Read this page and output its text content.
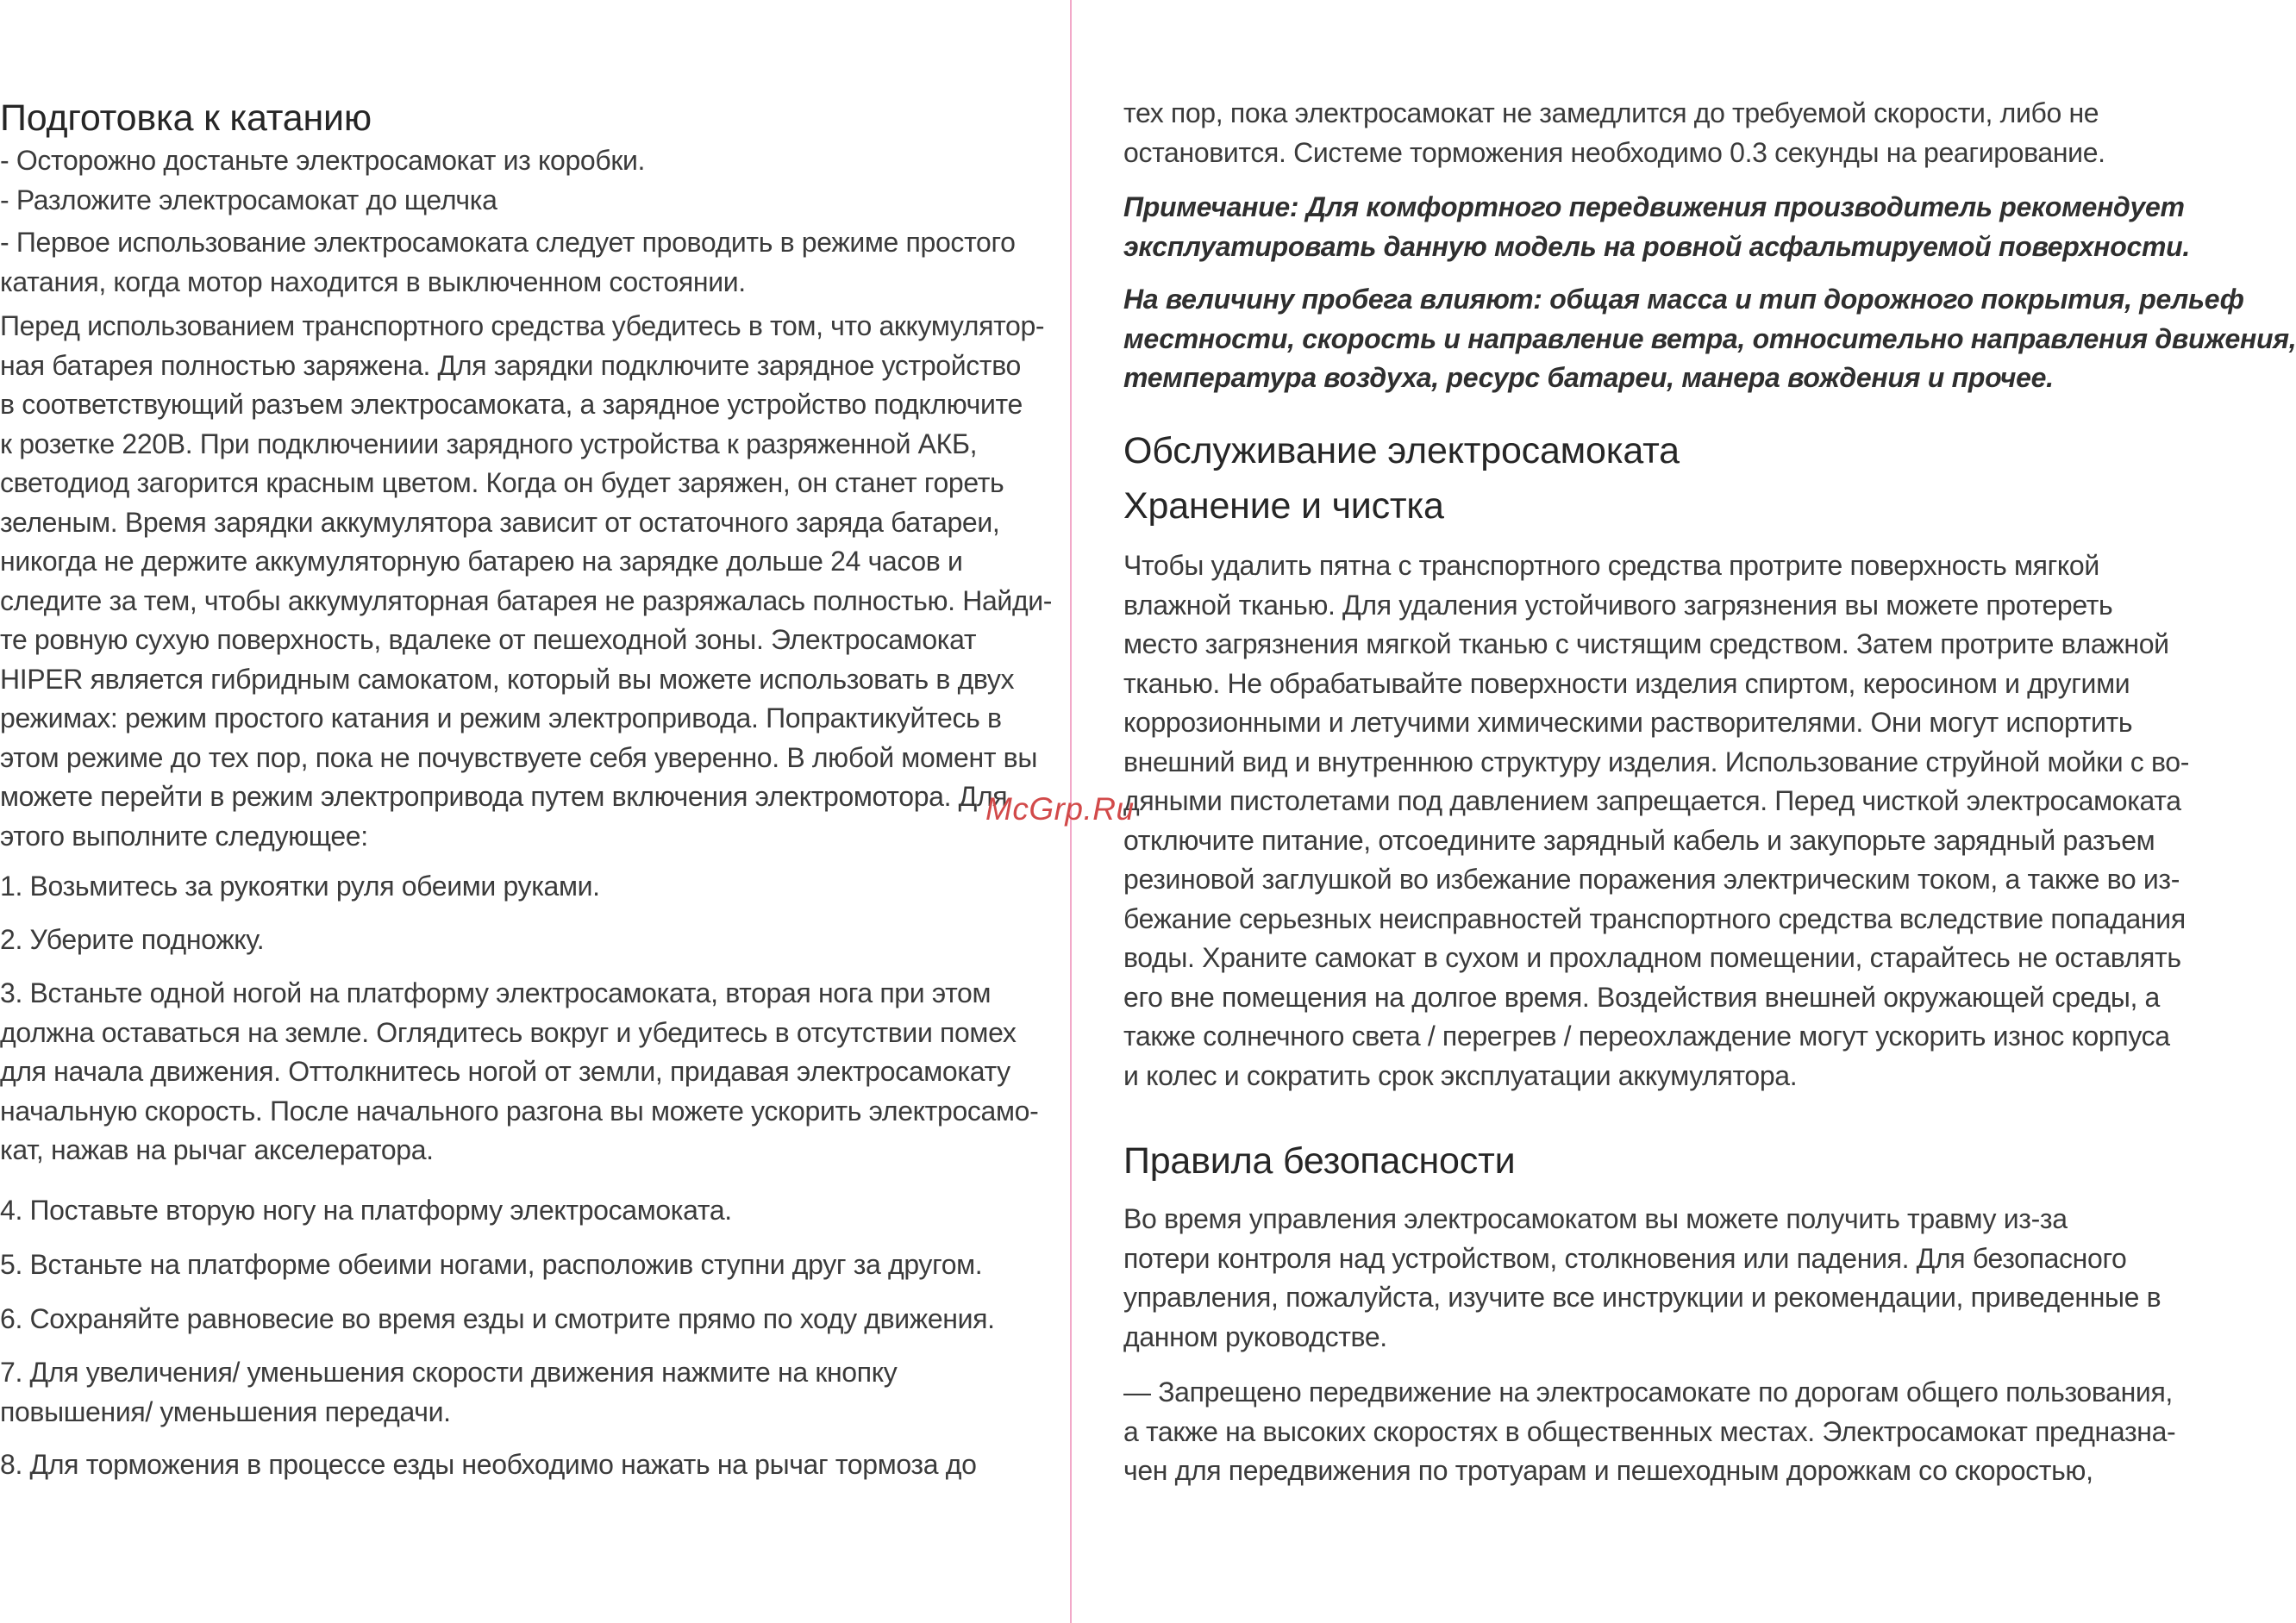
Подготовка к катанию

- Осторожно достаньте электросамокат из коробки.

- Разложите электросамокат до щелчка

- Первое использование электросамоката следует проводить в режиме простого
катания, когда мотор находится в выключенном состоянии.

Перед использованием транспортного средства убедитесь в том, что аккумулятор-
ная батарея полностью заряжена. Для зарядки подключите зарядное устройство
в соответствующий разъем электросамоката, а зарядное устройство подключите
к розетке 220В. При подключениии зарядного устройства к разряженной АКБ,
светодиод загорится красным цветом. Когда он будет заряжен, он станет гореть
зеленым. Время зарядки аккумулятора зависит от остаточного заряда батареи,
никогда не держите аккумуляторную батарею на зарядке дольше 24 часов и
следите за тем, чтобы аккумуляторная батарея не разряжалась полностью. Найди-
те ровную сухую поверхность, вдалеке от пешеходной зоны. Электросамокат
HIPER является гибридным самокатом, который вы можете использовать в двух
режимах: режим простого катания и режим электропривода. Попрактикуйтесь в
этом режиме до тех пор, пока не почувствуете себя уверенно. В любой момент вы
можете перейти в режим электропривода путем включения электромотора. Для
этого выполните следующее:

1. Возьмитесь за рукоятки руля обеими руками.

2. Уберите подножку.

3. Встаньте одной ногой на платформу электросамоката, вторая нога при этом
должна оставаться на земле. Оглядитесь вокруг и убедитесь в отсутствии помех
для начала движения. Оттолкнитесь ногой от земли, придавая электросамокату
начальную скорость. После начального разгона вы можете ускорить электросамо-
кат, нажав на рычаг акселератора.

4. Поставьте вторую ногу на платформу электросамоката.

5. Встаньте на платформе обеими ногами, расположив ступни друг за другом.

6. Сохраняйте равновесие во время езды и смотрите прямо по ходу движения.

7. Для увеличения/ уменьшения скорости движения нажмите на кнопку
повышения/ уменьшения передачи.

8. Для торможения в процессе езды необходимо нажать на рычаг тормоза до

тех пор, пока электросамокат не замедлится до требуемой скорости, либо не
остановится. Системе торможения необходимо 0.3 секунды на реагирование.

Примечание: Для комфортного передвижения производитель рекомендует
эксплуатировать данную модель на ровной асфальтируемой поверхности.

На величину пробега влияют: общая масса и тип дорожного покрытия, рельеф
местности, скорость и направление ветра, относительно направления движения,
температура воздуха, ресурс батареи, манера вождения и прочее.

Обслуживание электросамоката
Хранение и чистка

Чтобы удалить пятна с транспортного средства протрите поверхность мягкой
влажной тканью. Для удаления устойчивого загрязнения вы можете протереть
место загрязнения мягкой тканью с чистящим средством. Затем протрите влажной
тканью. Не обрабатывайте поверхности изделия спиртом, керосином и другими
коррозионными и летучими химическими растворителями. Они могут испортить
внешний вид и внутреннюю структуру изделия. Использование струйной мойки с во-
дяными пистолетами под давлением запрещается. Перед чисткой электросамоката
отключите питание, отсоедините зарядный кабель и закупорьте зарядный разъем
резиновой заглушкой во избежание поражения электрическим током, а также во из-
бежание серьезных неисправностей транспортного средства вследствие попадания
воды. Храните самокат в сухом и прохладном помещении, старайтесь не оставлять
его вне помещения на долгое время. Воздействия внешней окружающей среды, а
также солнечного света / перегрев / переохлаждение могут ускорить износ корпуса
и колес и сократить срок эксплуатации аккумулятора.

Правила безопасности

Во время управления электросамокатом вы можете получить травму из-за
потери контроля над устройством, столкновения или падения. Для безопасного
управления, пожалуйста, изучите все инструкции и рекомендации, приведенные в
данном руководстве.

— Запрещено передвижение на электросамокате по дорогам общего пользования,
а также на высоких скоростях в общественных местах. Электросамокат предназна-
чен для передвижения по тротуарам и пешеходным дорожкам со скоростью,

McGrp.Ru
